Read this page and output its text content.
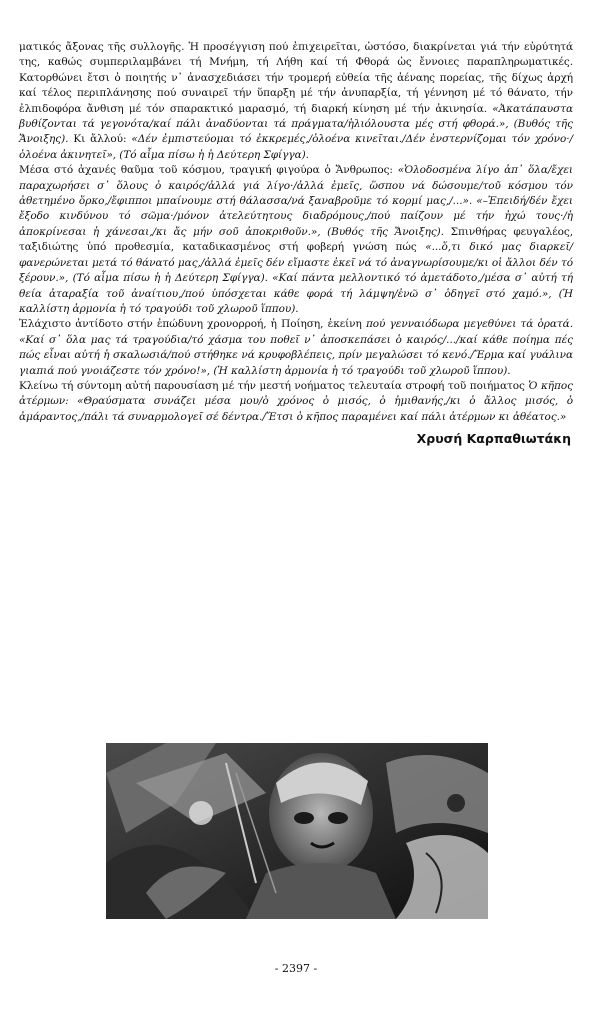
ματικός ἄξονας τῆς συλλογῆς. Ἡ προσέγγιση πού ἐπιχειρεῖται, ὡστόσο, διακρίνεται γιά τήν εὐρύτητά της, καθώς συμπεριλαμβάνει τή Μνήμη, τή Λήθη καί τή Φθορά ὡς ἔννοιες παραπληρωματικές. Κατορθώνει ἔτσι ὁ ποιητής ν᾽ ἀνασχεδιάσει τήν τρομερή εὐθεία τῆς ἀέναης πορείας, τῆς δίχως ἀρχή καί τέλος περιπλάνησης πού συναιρεῖ τήν ὕπαρξη μέ τήν ἀνυπαρξία, τή γέννηση μέ τό θάνατο, τήν ἐλπιδοφόρα ἄνθιση μέ τόν σπαρακτικό μαρασμό, τή διαρκή κίνηση μέ τήν ἀκινησία. «Ἀκατάπαυστα βυθίζονται τά γεγονότα/καί πάλι ἀναδύονται τά πράγματα/ἡλιόλουστα μές στή φθορά.», (Βυθός τῆς Ἄνοιξης). Κι ἄλλού: «Δέν ἐμπιστεύομαι τό ἐκκρεμές,/ὁλοένα κινεῖται./Δέν ἐνστερνίζομαι τόν χρόνο·/ὁλοένα ἀκινητεῖ», (Τό αἷμα πίσω ἡ ἡ Δεύτερη Σφίγγα).

Μέσα στό ἀχανές θαῦμα τοῦ κόσμου, τραγική φιγούρα ὁ Ἄνθρωπος: «Ὁλοδοσμένα λίγο ἀπ᾽ ὅλα/ἔχει παραχωρήσει σ᾽ ὅλους ὁ καιρός/ἀλλά γιά λίγο·/ἀλλά ἐμεῖς, ὥσπου νά δώσουμε/τοῦ κόσμου τόν ἀθετημένο ὅρκο,/ἔφιπποι μπαίνουμε στή θάλασσα/νά ξαναβροῦμε τό κορμί μας,/...». «–Ἐπειδή/δέν ἔχει ἔξοδο κινδύνου τό σῶμα·/μόνον ἀτελεύτητους διαδρόμους,/πού παίζουν μέ τήν ἠχώ τους·/ἡ ἀποκρίνεσαι ἡ χάνεσαι,/κι ἄς μήν σοῦ ἀποκριθοῦν.», (Βυθός τῆς Ἄνοιξης). Σπινθήρας φευγαλέος, ταξιδιώτης ὑπό προθεσμία, καταδικασμένος στή φοβερή γνώση πώς «...ὅ,τι δικό μας διαρκεῖ/φανερώνεται μετά τό θάνατό μας,/ἀλλά ἐμεῖς δέν εἴμαστε ἐκεῖ νά τό ἀναγνωρίσουμε/κι οἱ ἄλλοι δέν τό ξέρουν.», (Τό αἷμα πίσω ἡ ἡ Δεύτερη Σφίγγα). «Καί πάντα μελλοντικό τό ἀμετάδοτο,/μέσα σ᾽ αὐτή τή θεία ἀταραξία τοῦ ἀναίτιου,/πού ὑπόσχεται κάθε φορά τή λάμψη/ἐνῶ σ᾽ ὁδηγεῖ στό χαμό.», (Ἡ καλλίστη ἁρμονία ἡ τό τραγούδι τοῦ χλωροῦ ἵππου).

Ἐλάχιστο ἀντίδοτο στήν ἐπώδυνη χρονορροή, ἡ Ποίηση, ἐκείνη πού γενναιόδωρα μεγεθύνει τά ὁρατά. «Καί σ᾽ ὅλα μας τά τραγούδια/τό χάσμα του ποθεῖ ν᾽ ἀποσκεπάσει ὁ καιρός/.../καί κάθε ποίημα πές πώς εἶναι αὐτή ἡ σκαλωσιά/πού στήθηκε νά κρυφοβλέπεις, πρίν μεγαλώσει τό κενό./Ἔρμα καί γυάλινα γιαπιά πού γνοιάζεστε τόν χρόνο!», (Ἡ καλλίστη ἁρμονία ἡ τό τραγούδι τοῦ χλωροῦ ἵππου).

Κλείνω τή σύντομη αὐτή παρουσίαση μέ τήν μεστή νοήματος τελευταία στροφή τοῦ ποιήματος Ὁ κῆπος ἀτέρμων: «Θραύσματα συνάζει μέσα μου/ὁ χρόνος ὁ μισός, ὁ ἡμιθανής,/κι ὁ ἄλλος μισός, ὁ ἀμάραντος,/πάλι τά συναρμολογεῖ σέ δέντρα./Ἔτσι ὁ κῆπος παραμένει καί πάλι ἀτέρμων κι ἀθέατος.»

Χρυσή Καρπαθιωτάκη
- 2397 -
